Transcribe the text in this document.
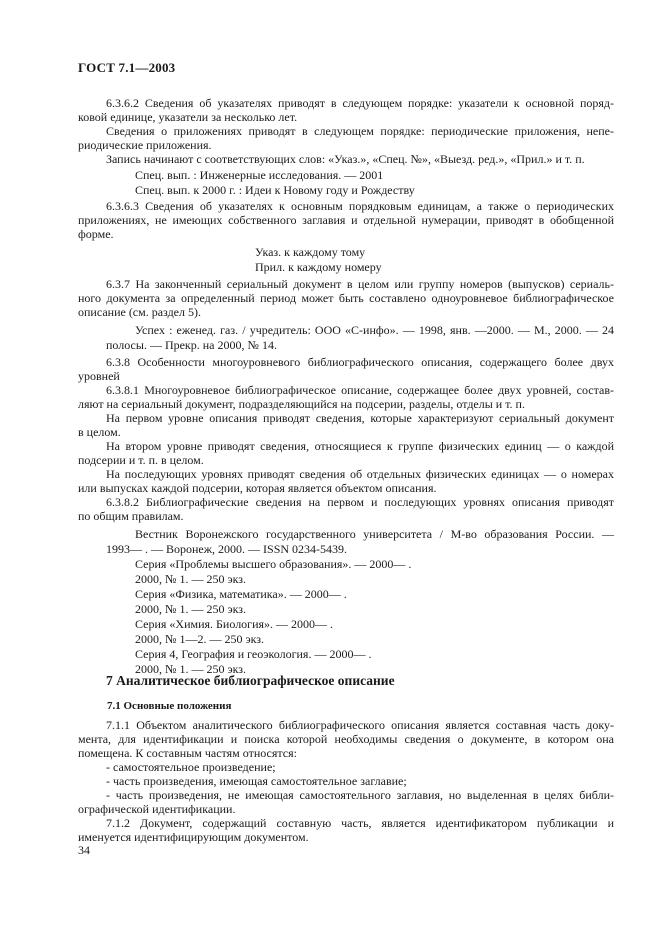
ГОСТ 7.1—2003
6.3.6.2 Сведения об указателях приводят в следующем порядке: указатели к основной поряд-
ковой единице, указатели за несколько лет.
Сведения о приложениях приводят в следующем порядке: периодические приложения, непе-
риодические приложения.
Запись начинают с соответствующих слов: «Указ.», «Спец. №», «Выезд. ред.», «Прил.» и т. п.
Спец. вып. : Инженерные исследования. — 2001
Спец. вып. к 2000 г. : Идеи к Новому году и Рождеству
6.3.6.3 Сведения об указателях к основным порядковым единицам, а также о периодических
приложениях, не имеющих собственного заглавия и отдельной нумерации, приводят в обобщенной
форме.
Указ. к каждому тому
Прил. к каждому номеру
6.3.7 На законченный сериальный документ в целом или группу номеров (выпусков) сериаль-
ного документа за определенный период может быть составлено одноуровневое библиографическое
описание (см. раздел 5).
Успех : еженед. газ. / учредитель: ООО «С-инфо». — 1998, янв. —2000. — М., 2000. — 24
полосы. — Прекр. на 2000, № 14.
6.3.8 Особенности многоуровневого библиографического описания, содержащего более двух
уровней
6.3.8.1 Многоуровневое библиографическое описание, содержащее более двух уровней, состав-
ляют на сериальный документ, подразделяющийся на подсерии, разделы, отделы и т. п.
На первом уровне описания приводят сведения, которые характеризуют сериальный документ
в целом.
На втором уровне приводят сведения, относящиеся к группе физических единиц — о каждой
подсерии и т. п. в целом.
На последующих уровнях приводят сведения об отдельных физических единицах — о номерах
или выпусках каждой подсерии, которая является объектом описания.
6.3.8.2 Библиографические сведения на первом и последующих уровнях описания приводят
по общим правилам.
Вестник Воронежского государственного университета / М-во образования России. —
1993— . — Воронеж, 2000. — ISSN 0234-5439.
Серия «Проблемы высшего образования». — 2000— .
2000, № 1. — 250 экз.
Серия «Физика, математика». — 2000— .
2000, № 1. — 250 экз.
Серия «Химия. Биология». — 2000— .
2000, № 1—2. — 250 экз.
Серия 4, География и геоэкология. — 2000— .
2000, № 1. — 250 экз.
7.1.1 Объектом аналитического библиографического описания является составная часть доку-
мента, для идентификации и поиска которой необходимы сведения о документе, в котором она
помещена. К составным частям относятся:
- самостоятельное произведение;
- часть произведения, имеющая самостоятельное заглавие;
- часть произведения, не имеющая самостоятельного заглавия, но выделенная в целях библи-
ографической идентификации.
7.1.2 Документ, содержащий составную часть, является идентификатором публикации и
именуется идентифицирующим документом.
7 Аналитическое библиографическое описание
7.1 Основные положения
34
